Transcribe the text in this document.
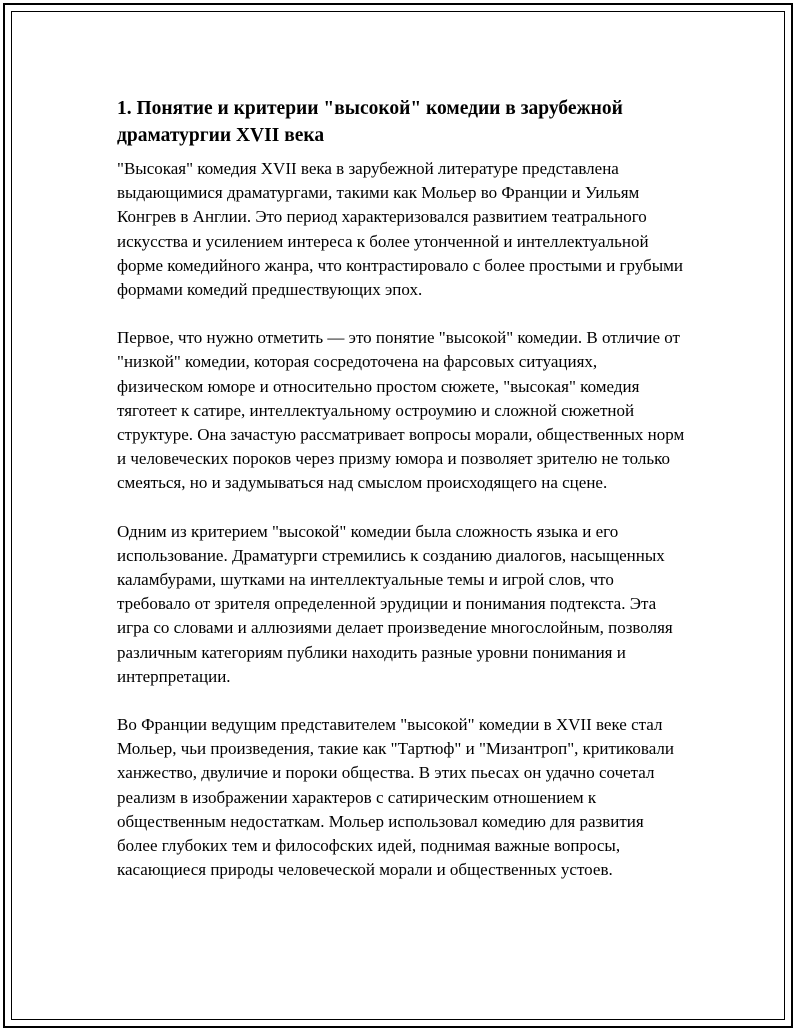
1. Понятие и критерии "высокой" комедии в зарубежной драматургии XVII века

"Высокая" комедия XVII века в зарубежной литературе представлена выдающимися драматургами, такими как Мольер во Франции и Уильям Конгрев в Англии. Это период характеризовался развитием театрального искусства и усилением интереса к более утонченной и интеллектуальной форме комедийного жанра, что контрастировало с более простыми и грубыми формами комедий предшествующих эпох.

Первое, что нужно отметить — это понятие "высокой" комедии. В отличие от "низкой" комедии, которая сосредоточена на фарсовых ситуациях, физическом юморе и относительно простом сюжете, "высокая" комедия тяготеет к сатире, интеллектуальному остроумию и сложной сюжетной структуре. Она зачастую рассматривает вопросы морали, общественных норм и человеческих пороков через призму юмора и позволяет зрителю не только смеяться, но и задумываться над смыслом происходящего на сцене.

Одним из критерием "высокой" комедии была сложность языка и его использование. Драматурги стремились к созданию диалогов, насыщенных каламбурами, шутками на интеллектуальные темы и игрой слов, что требовало от зрителя определенной эрудиции и понимания подтекста. Эта игра со словами и аллюзиями делает произведение многослойным, позволяя различным категориям публики находить разные уровни понимания и интерпретации.

Во Франции ведущим представителем "высокой" комедии в XVII веке стал Мольер, чьи произведения, такие как "Тартюф" и "Мизантроп", критиковали ханжество, двуличие и пороки общества. В этих пьесах он удачно сочетал реализм в изображении характеров с сатирическим отношением к общественным недостаткам. Мольер использовал комедию для развития более глубоких тем и философских идей, поднимая важные вопросы, касающиеся природы человеческой морали и общественных устоев.
